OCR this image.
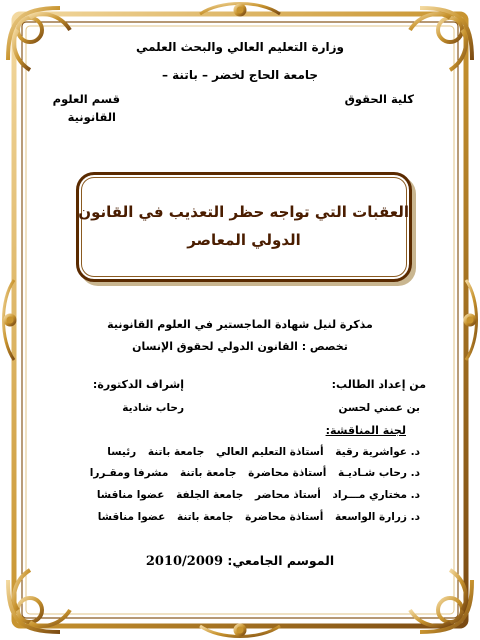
وزارة التعليم العالي والبحث العلمي
جامعة الحاج لخضر – باتنة –
كلية الحقوق
قسم العلوم
القانونية
العقبات التي تواجه حظر التعذيب في القانون
الدولي المعاصر
مذكرة لنيل شهادة الماجستير في العلوم القانونية
تخصص : القانون الدولي لحقوق الإنسان
من إعداد الطالب:
إشراف الدكتورة:
بن عمني لحسن
رحاب شادية
لجنة المناقشة:
د. عواشرية رقية أستاذة التعليم العالي جامعة باتنة رئيسا
د. رحاب شـاديـة أستاذة محاضرة جامعة باتنة مشرفا ومقـررا
د. مختاري مـــراد أستاذ محاضر جامعة الجلفة عضوا مناقشا
د. زرارة الواسعة أستاذة محاضرة جامعة باتنة عضوا مناقشا
الموسم الجامعي: 2010/2009
